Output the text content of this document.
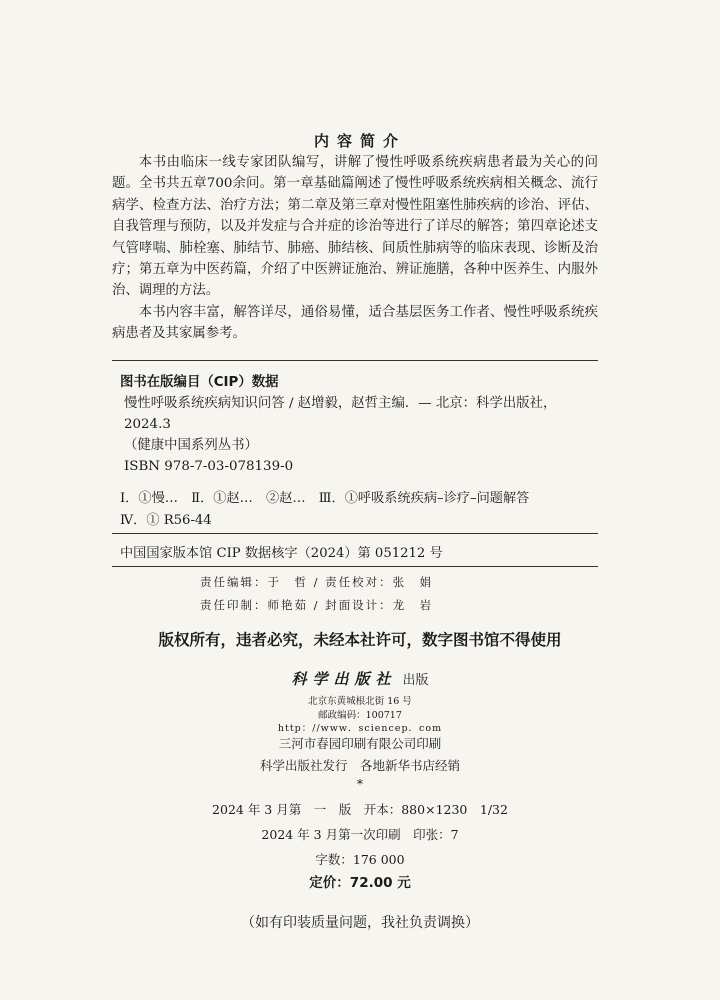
内容简介

本书由临床一线专家团队编写，讲解了慢性呼吸系统疾病患者最为关心的问题。全书共五章700余问。第一章基础篇阐述了慢性呼吸系统疾病相关概念、流行病学、检查方法、治疗方法；第二章及第三章对慢性阻塞性肺疾病的诊治、评估、自我管理与预防，以及并发症与合并症的诊治等进行了详尽的解答；第四章论述支气管哮喘、肺栓塞、肺结节、肺癌、肺结核、间质性肺病等的临床表现、诊断及治疗；第五章为中医药篇，介绍了中医辨证施治、辨证施膳，各种中医养生、内服外治、调理的方法。

本书内容丰富，解答详尽，通俗易懂，适合基层医务工作者、慢性呼吸系统疾病患者及其家属参考。

图书在版编目（CIP）数据
慢性呼吸系统疾病知识问答 / 赵增毅，赵哲主编．— 北京：科学出版社，
2024.3
（健康中国系列丛书）
ISBN 978-7-03-078139-0
Ⅰ．①慢…　Ⅱ．①赵…　②赵…　Ⅲ．①呼吸系统疾病–诊疗–问题解答
Ⅳ．① R56-44
中国国家版本馆 CIP 数据核字（2024）第 051212 号
责任编辑：于　哲 / 责任校对：张　娟
责任印制：师艳茹 / 封面设计：龙　岩
版权所有，违者必究，未经本社许可，数字图书馆不得使用
科学出版社 出版
北京东黄城根北街 16 号
邮政编码：100717
http：//www．sciencep．com
三河市春园印刷有限公司印刷
科学出版社发行　各地新华书店经销
*
2024 年 3 月第　一　版　开本：880×1230　1/32
2024 年 3 月第一次印刷　印张：7
字数：176 000
定价：72.00 元
（如有印装质量问题，我社负责调换）
